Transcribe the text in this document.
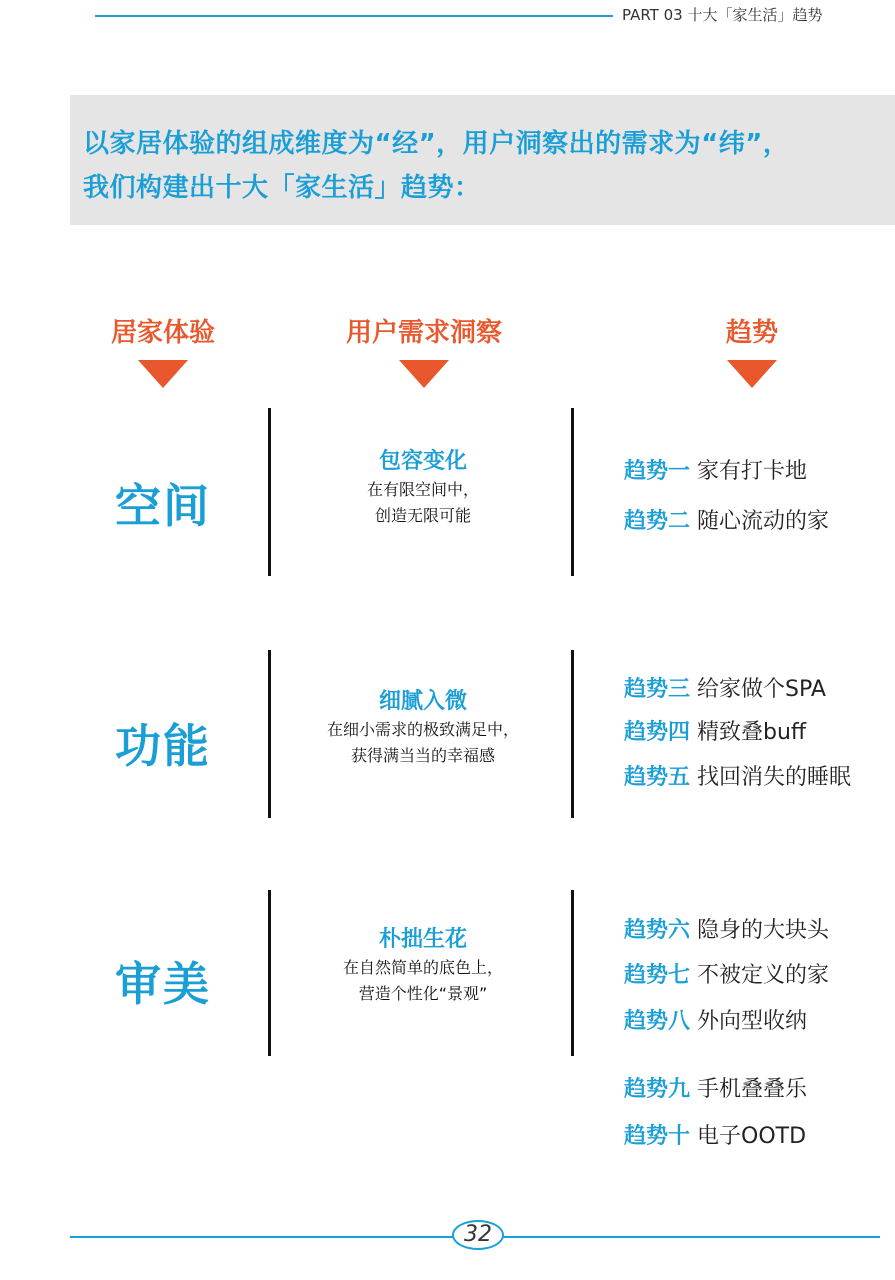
PART 03 十大「家生活」趋势
以家居体验的组成维度为“经”，用户洞察出的需求为“纬”，
我们构建出十大「家生活」趋势：
居家体验	用户需求洞察	趋势
空间
包容变化
在有限空间中，
创造无限可能
趋势一 家有打卡地
趋势二 随心流动的家
功能
细腻入微
在细小需求的极致满足中，
获得满当当的幸福感
趋势三 给家做个SPA
趋势四 精致叠buff
趋势五 找回消失的睡眠
审美
朴拙生花
在自然简单的底色上，
营造个性化“景观”
趋势六 隐身的大块头
趋势七 不被定义的家
趋势八 外向型收纳
趋势九 手机叠叠乐
趋势十 电子OOTD
32
